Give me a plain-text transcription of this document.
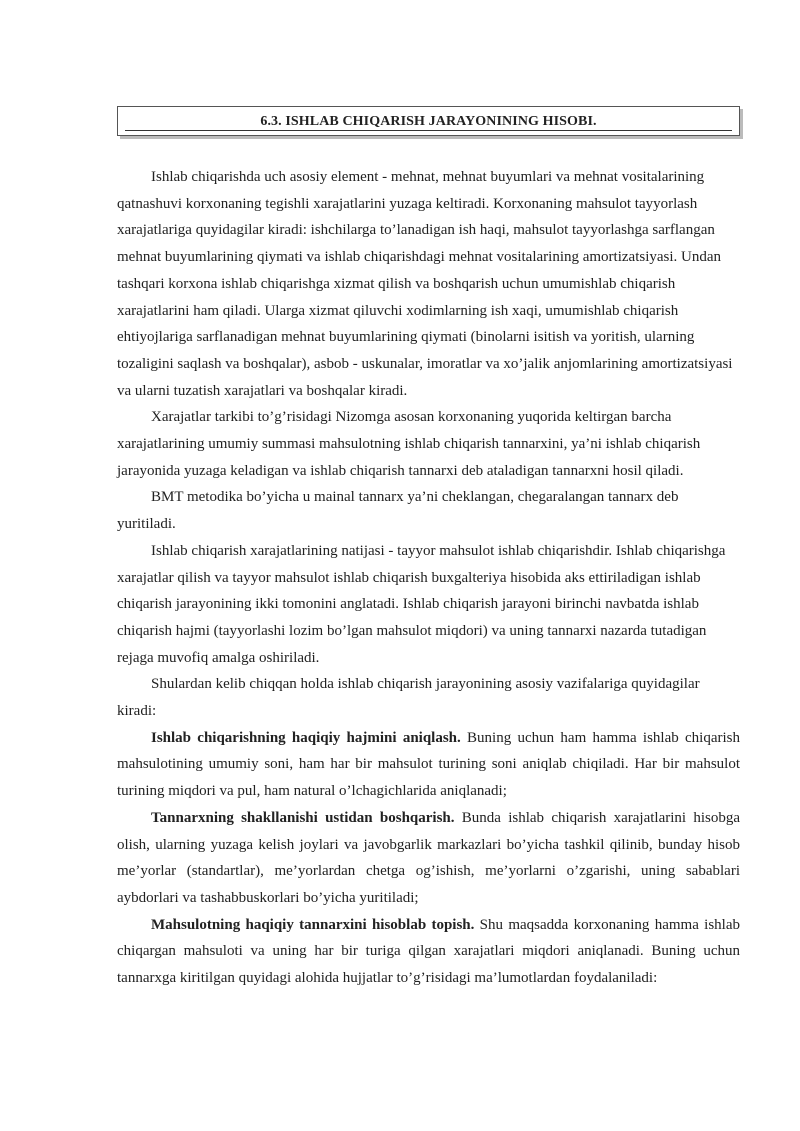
6.3. ISHLAB CHIQARISH JARAYONINING HISOBI.

Ishlab chiqarishda uch asosiy element - mehnat, mehnat buyumlari va mehnat vositalarining qatnashuvi korxonaning tegishli xarajatlarini yuzaga keltiradi. Korxonaning mahsulot tayyorlash xarajatlariga quyidagilar kiradi: ishchilarga to’lanadigan ish haqi, mahsulot tayyorlashga sarflangan mehnat buyumlarining qiymati va ishlab chiqarishdagi mehnat vositalarining amortizatsiyasi. Undan tashqari korxona ishlab chiqarishga xizmat qilish va boshqarish uchun umumishlab chiqarish xarajatlarini ham qiladi. Ularga xizmat qiluvchi xodimlarning ish xaqi, umumishlab chiqarish ehtiyojlariga sarflanadigan mehnat buyumlarining qiymati (binolarni isitish va yoritish, ularning tozaligini saqlash va boshqalar), asbob - uskunalar, imoratlar va xo’jalik anjomlarining amortizatsiyasi va ularni tuzatish xarajatlari va boshqalar kiradi.

Xarajatlar tarkibi to’g’risidagi Nizomga asosan korxonaning yuqorida keltirgan barcha xarajatlarining umumiy summasi mahsulotning ishlab chiqarish tannarxini, ya’ni ishlab chiqarish jarayonida yuzaga keladigan va ishlab chiqarish tannarxi deb ataladigan tannarxni hosil qiladi.

BMT metodika bo’yicha u mainal tannarx ya’ni cheklangan, chegaralangan tannarx deb yuritiladi.

Ishlab chiqarish xarajatlarining natijasi - tayyor mahsulot ishlab chiqarishdir. Ishlab chiqarishga xarajatlar qilish va tayyor mahsulot ishlab chiqarish buxgalteriya hisobida aks ettiriladigan ishlab chiqarish jarayonining ikki tomonini anglatadi. Ishlab chiqarish jarayoni birinchi navbatda ishlab chiqarish hajmi (tayyorlashi lozim bo’lgan mahsulot miqdori) va uning tannarxi nazarda tutadigan rejaga muvofiq amalga oshiriladi.

Shulardan kelib chiqqan holda ishlab chiqarish jarayonining asosiy vazifalariga quyidagilar kiradi:

Ishlab chiqarishning haqiqiy hajmini aniqlash. Buning uchun ham hamma ishlab chiqarish mahsulotining umumiy soni, ham har bir mahsulot turining soni aniqlab chiqiladi. Har bir mahsulot turining miqdori va pul, ham natural o’lchagichlarida aniqlanadi;

Tannarxning shakllanishi ustidan boshqarish. Bunda ishlab chiqarish xarajatlarini hisobga olish, ularning yuzaga kelish joylari va javobgarlik markazlari bo’yicha tashkil qilinib, bunday hisob me’yorlar (standartlar), me’yorlardan chetga og’ishish, me’yorlarni o’zgarishi, uning sabablari aybdorlari va tashabbuskorlari bo’yicha yuritiladi;

Mahsulotning haqiqiy tannarxini hisoblab topish. Shu maqsadda korxonaning hamma ishlab chiqargan mahsuloti va uning har bir turiga qilgan xarajatlari miqdori aniqlanadi. Buning uchun tannarxga kiritilgan quyidagi alohida hujjatlar to’g’risidagi ma’lumotlardan foydalaniladi:
